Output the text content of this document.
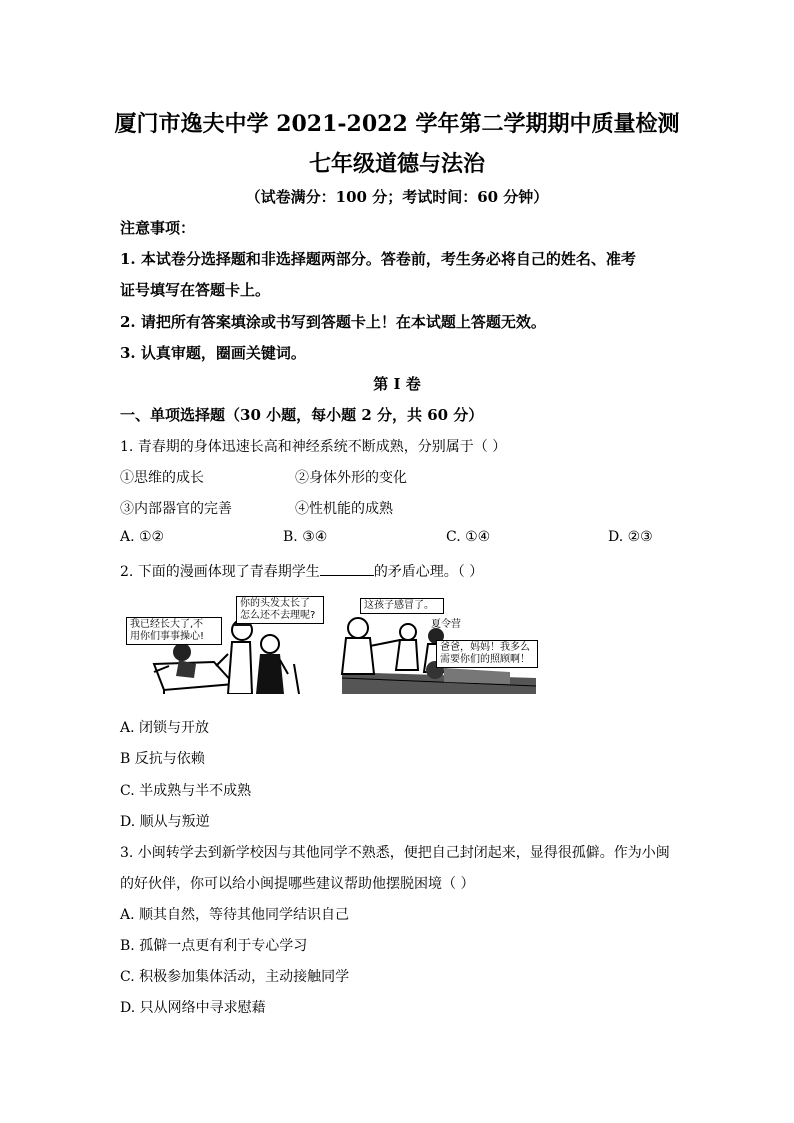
厦门市逸夫中学 2021-2022 学年第二学期期中质量检测
七年级道德与法治
（试卷满分：100 分；考试时间：60 分钟）
注意事项：
1. 本试卷分选择题和非选择题两部分。答卷前，考生务必将自己的姓名、准考
证号填写在答题卡上。
2. 请把所有答案填涂或书写到答题卡上！在本试题上答题无效。
3. 认真审题，圈画关键词。
第 I 卷
一、单项选择题（30 小题，每小题 2 分，共 60 分）
1. 青春期的身体迅速长高和神经系统不断成熟，分别属于（ ）
①思维的成长	②身体外形的变化
③内部器官的完善	④性机能的成熟
A. ①②	B. ③④	C. ①④	D. ②③
2. 下面的漫画体现了青春期学生	的矛盾心理。（ ）
你的头发太长了
怎么还不去理呢?
我已经长大了,不
用你们事事操心!
这孩子感冒了。
夏令营
爸爸，妈妈！我多么
需要你们的照顾啊！
A. 闭锁与开放
B 反抗与依赖
C. 半成熟与半不成熟
D. 顺从与叛逆
3. 小闽转学去到新学校因与其他同学不熟悉，便把自己封闭起来，显得很孤僻。作为小闽
的好伙伴，你可以给小闽提哪些建议帮助他摆脱困境（ ）
A. 顺其自然，等待其他同学结识自己
B. 孤僻一点更有利于专心学习
C. 积极参加集体活动，主动接触同学
D. 只从网络中寻求慰藉
